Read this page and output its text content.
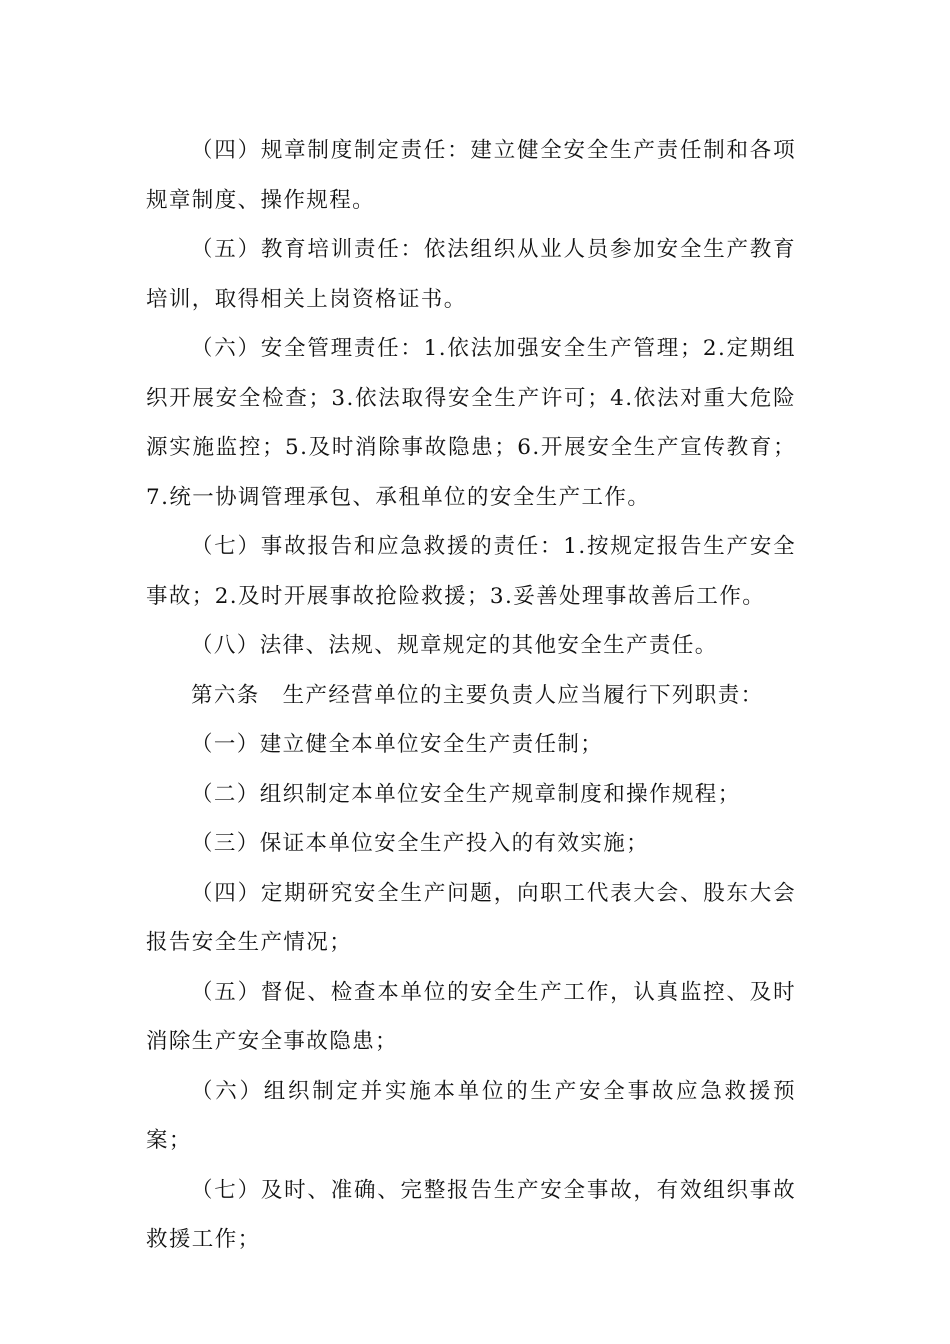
（四）规章制度制定责任：建立健全安全生产责任制和各项规章制度、操作规程。

（五）教育培训责任：依法组织从业人员参加安全生产教育培训，取得相关上岗资格证书。

（六）安全管理责任：1.依法加强安全生产管理；2.定期组织开展安全检查；3.依法取得安全生产许可；4.依法对重大危险源实施监控；5.及时消除事故隐患；6.开展安全生产宣传教育；7.统一协调管理承包、承租单位的安全生产工作。

（七）事故报告和应急救援的责任：1.按规定报告生产安全事故；2.及时开展事故抢险救援；3.妥善处理事故善后工作。

（八）法律、法规、规章规定的其他安全生产责任。

第六条　生产经营单位的主要负责人应当履行下列职责：

（一）建立健全本单位安全生产责任制；

（二）组织制定本单位安全生产规章制度和操作规程；

（三）保证本单位安全生产投入的有效实施；

（四）定期研究安全生产问题，向职工代表大会、股东大会报告安全生产情况；

（五）督促、检查本单位的安全生产工作，认真监控、及时消除生产安全事故隐患；

（六）组织制定并实施本单位的生产安全事故应急救援预案；

（七）及时、准确、完整报告生产安全事故，有效组织事故救援工作；
